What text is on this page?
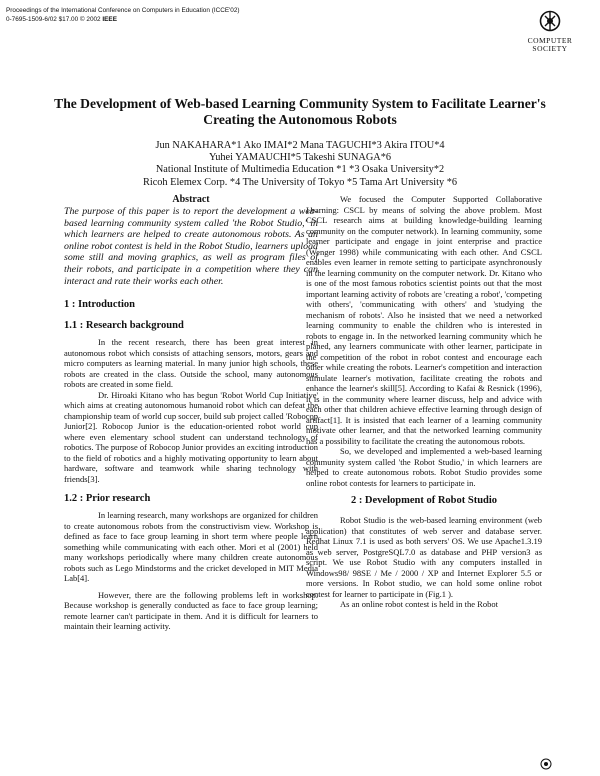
Proceedings of the International Conference on Computers in Education (ICCE'02)
0-7695-1509-6/02 $17.00 © 2002 IEEE
COMPUTER
SOCIETY
The Development of Web-based Learning Community System to Facilitate Learner's Creating the Autonomous Robots
Jun NAKAHARA*1 Ako IMAI*2 Mana TAGUCHI*3 Akira ITOU*4
Yuhei YAMAUCHI*5 Takeshi SUNAGA*6
National Institute of Multimedia Education *1 *3 Osaka University*2
Ricoh Elemex Corp. *4 The University of Tokyo *5 Tama Art University *6
Abstract

The purpose of this paper is to report the development a web-based learning community system called 'the Robot Studio,' in which learners are helped to create autonomous robots. As an online robot contest is held in the Robot Studio, learners upload some still and moving graphics, as well as program files of their robots, and participate in a competition where they can interact and rate their works each other.

1 : Introduction
1.1 : Research background

In the recent research, there has been great interest in autonomous robot which consists of attaching sensors, motors, gears and micro computers as learning material. In many junior high schools, these robots are created in the class. Outside the school, many autonomous robots are created in some field.

Dr. Hiroaki Kitano who has begun 'Robot World Cup Initiative' which aims at creating autonomous humanoid robot which can defeat the championship team of world cup soccer, build sub project called 'Robocop Junior[2]. Robocop Junior is the education-oriented robot world cup where even elementary school student can understand technology of robotics. The purpose of Robocop Junior provides an exciting introduction to the field of robotics and a highly motivating opportunity to learn about hardware, software and teamwork while sharing technology with friends[3].

1.2 : Prior research

In learning research, many workshops are organized for children to create autonomous robots from the constructivism view. Workshop is defined as face to face group learning in short term where people learn something while communicating with each other. Mori et al (2001) held many workshops periodically where many children create autonomous robots such as Lego Mindstorms and the cricket developed in MIT Media Lab[4].

However, there are the following problems left in workshop. Because workshop is generally conducted as face to face group learning; remote learner can't participate in them. And it is difficult for learners to maintain their learning activity.

We focused the Computer Supported Collaborative Learning: CSCL by means of solving the above problem. Most CSCL research aims at building knowledge-building learning community on the computer network). In learning community, some learner participate and engage in joint enterprise and practice (Wenger 1998) while communicating with each other. And CSCL enables even learner in remote setting to participate asynchronously in the learning community on the computer network. Dr. Kitano who is one of the most famous robotics scientist points out that the most important learning activity of robots are 'creating a robot', 'competing with others', 'communicating with others' and 'studying the mechanism of robots'. Also he insisted that we need a networked learning community to enable the children who is interested in robots to engage in. In the networked learning community which he planed, any learners communicate with other learner, participate in the competition of the robot in robot contest and encourage each other while creating the robots. Learner's competition and interaction stimulate learner's motivation, facilitate creating the robots and enhance the learner's skill[5]. According to Kafai & Resnick (1996), it is in the community where learner discuss, help and advice with each other that children achieve effective learning through design of artifact[1]. It is insisted that each learner of a learning community motivate other learner, and that the networked learning community has a possibility to facilitate the creating the autonomous robots.

So, we developed and implemented a web-based learning community system called 'the Robot Studio,' in which learners are helped to create autonomous robots. Robot Studio provides some online robot contests for learners to participate in.

2 : Development of Robot Studio

Robot Studio is the web-based learning environment (web application) that constitutes of web server and database server. Redhat Linux 7.1 is used as both servers' OS. We use Apache1.3.19 as web server, PostgreSQL7.0 as database and PHP version3 as script. We use Robot Studio with any computers installed in Windows98/ 98SE / Me / 2000 / XP and Internet Explorer 5.5 or more versions. In Robot studio, we can hold some online robot contest for learner to participate in (Fig.1 ).

As an online robot contest is held in the Robot
